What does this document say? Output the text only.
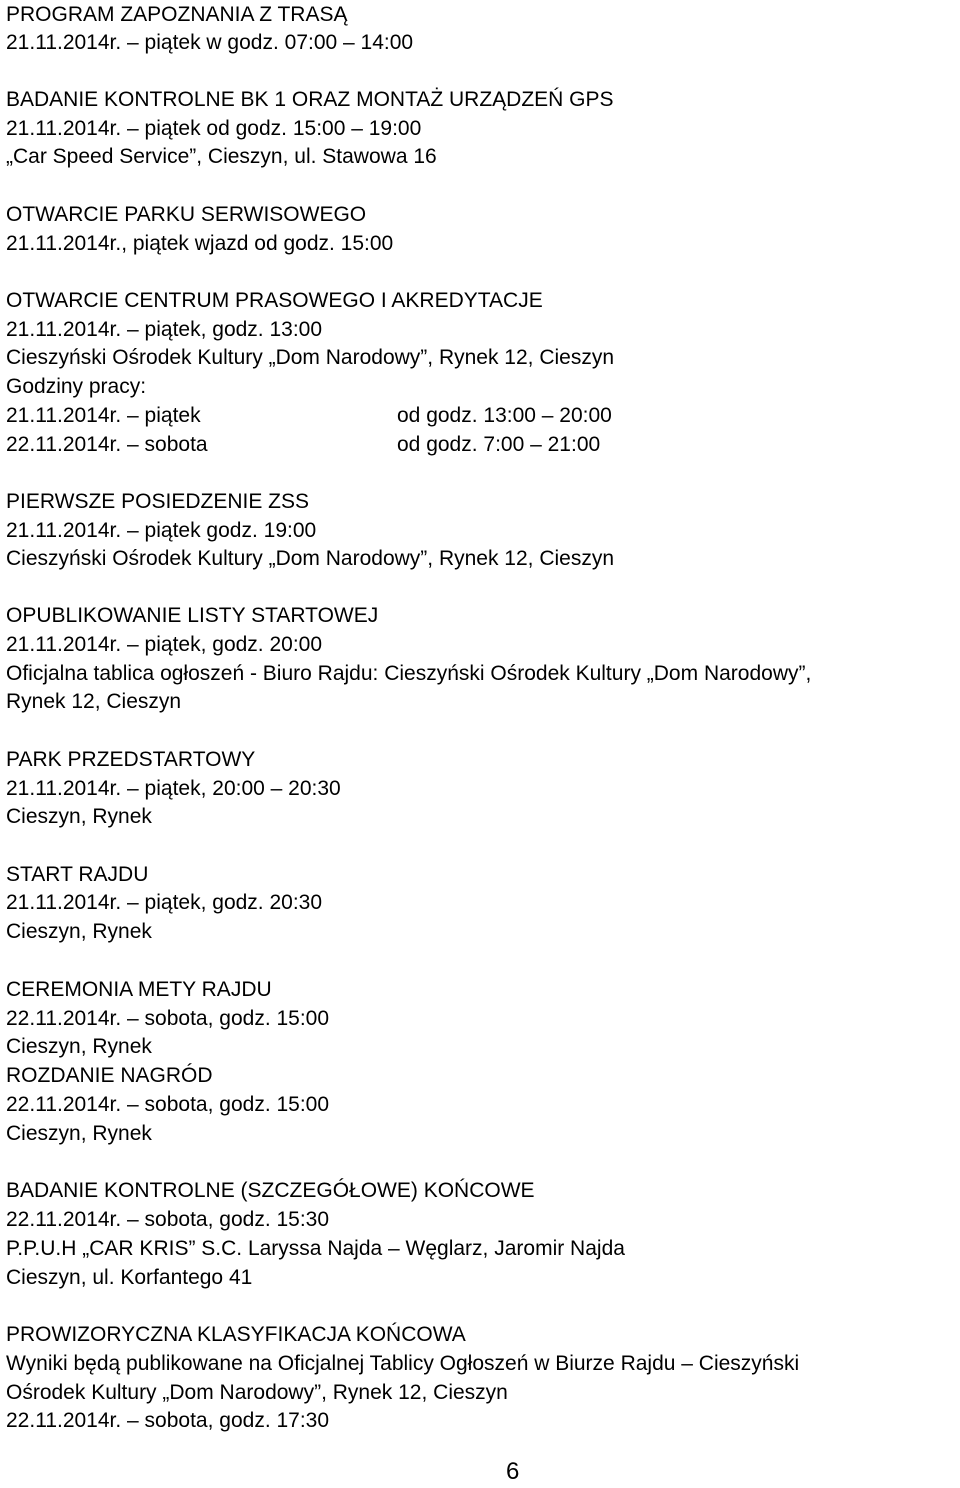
PROGRAM ZAPOZNANIA Z TRASĄ
21.11.2014r. – piątek w godz. 07:00 – 14:00
BADANIE KONTROLNE BK 1 ORAZ MONTAŻ URZĄDZEŃ GPS
21.11.2014r. – piątek od godz. 15:00 – 19:00
„Car Speed Service”, Cieszyn, ul. Stawowa 16
OTWARCIE PARKU SERWISOWEGO
21.11.2014r., piątek wjazd od godz. 15:00
OTWARCIE CENTRUM PRASOWEGO I AKREDYTACJE
21.11.2014r. – piątek, godz. 13:00
Cieszyński Ośrodek Kultury „Dom Narodowy”, Rynek 12, Cieszyn
Godziny pracy:
21.11.2014r. – piątek	od godz. 13:00 – 20:00
22.11.2014r. – sobota	od godz. 7:00 – 21:00
PIERWSZE POSIEDZENIE ZSS
21.11.2014r. – piątek godz. 19:00
Cieszyński Ośrodek Kultury „Dom Narodowy”, Rynek 12, Cieszyn
OPUBLIKOWANIE LISTY STARTOWEJ
21.11.2014r. – piątek, godz. 20:00
Oficjalna tablica ogłoszeń - Biuro Rajdu: Cieszyński Ośrodek Kultury „Dom Narodowy”,
Rynek 12, Cieszyn
PARK PRZEDSTARTOWY
21.11.2014r. – piątek, 20:00 – 20:30
Cieszyn, Rynek
START RAJDU
21.11.2014r. – piątek, godz. 20:30
Cieszyn, Rynek
CEREMONIA METY RAJDU
22.11.2014r. – sobota, godz. 15:00
Cieszyn, Rynek
ROZDANIE NAGRÓD
22.11.2014r. – sobota, godz. 15:00
Cieszyn, Rynek
BADANIE KONTROLNE (SZCZEGÓŁOWE) KOŃCOWE
22.11.2014r. – sobota, godz. 15:30
P.P.U.H „CAR KRIS” S.C. Laryssa Najda – Węglarz, Jaromir Najda
Cieszyn, ul. Korfantego 41
PROWIZORYCZNA KLASYFIKACJA KOŃCOWA
Wyniki będą publikowane na Oficjalnej Tablicy Ogłoszeń w Biurze Rajdu – Cieszyński
Ośrodek Kultury „Dom Narodowy”, Rynek 12, Cieszyn
22.11.2014r. – sobota, godz. 17:30
6
